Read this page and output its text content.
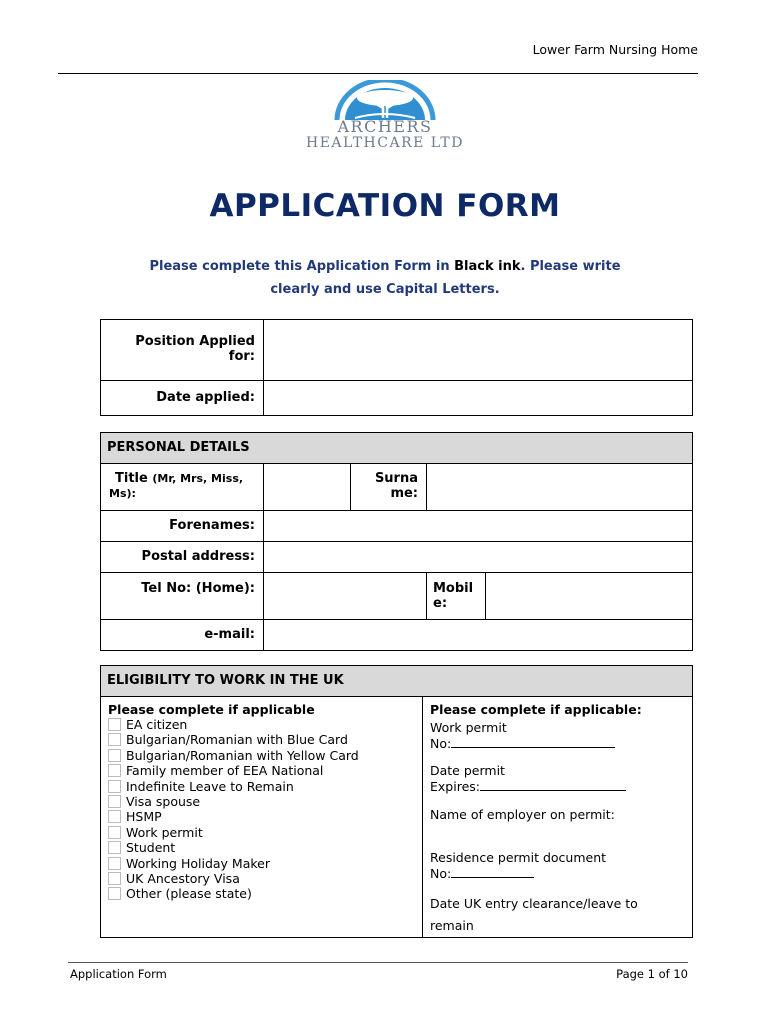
Lower Farm Nursing Home
ARCHERS
HEALTHCARE LTD
APPLICATION FORM
Please complete this Application Form in Black ink. Please write
clearly and use Capital Letters.
Position Applied for:	
Date applied:	
PERSONAL DETAILS				
Title (Mr, Mrs, Miss, Ms):		Surna me:		
Forenames:				
Postal address:				
Tel No: (Home):			Mobil e:	
e-mail:				
ELIGIBILITY TO WORK IN THE UK

Please complete if applicable
EA citizen
Bulgarian/Romanian with Blue Card
Bulgarian/Romanian with Yellow Card
Family member of EEA National
Indefinite Leave to Remain
Visa spouse
HSMP
Work permit
Student
Working Holiday Maker
UK Ancestory Visa
Other (please state)

Please complete if applicable:
Work permit
No:
Date permit
Expires:
Name of employer on permit:
Residence permit document
No:
Date UK entry clearance/leave to
remain
Application Form	Page 1 of 10
